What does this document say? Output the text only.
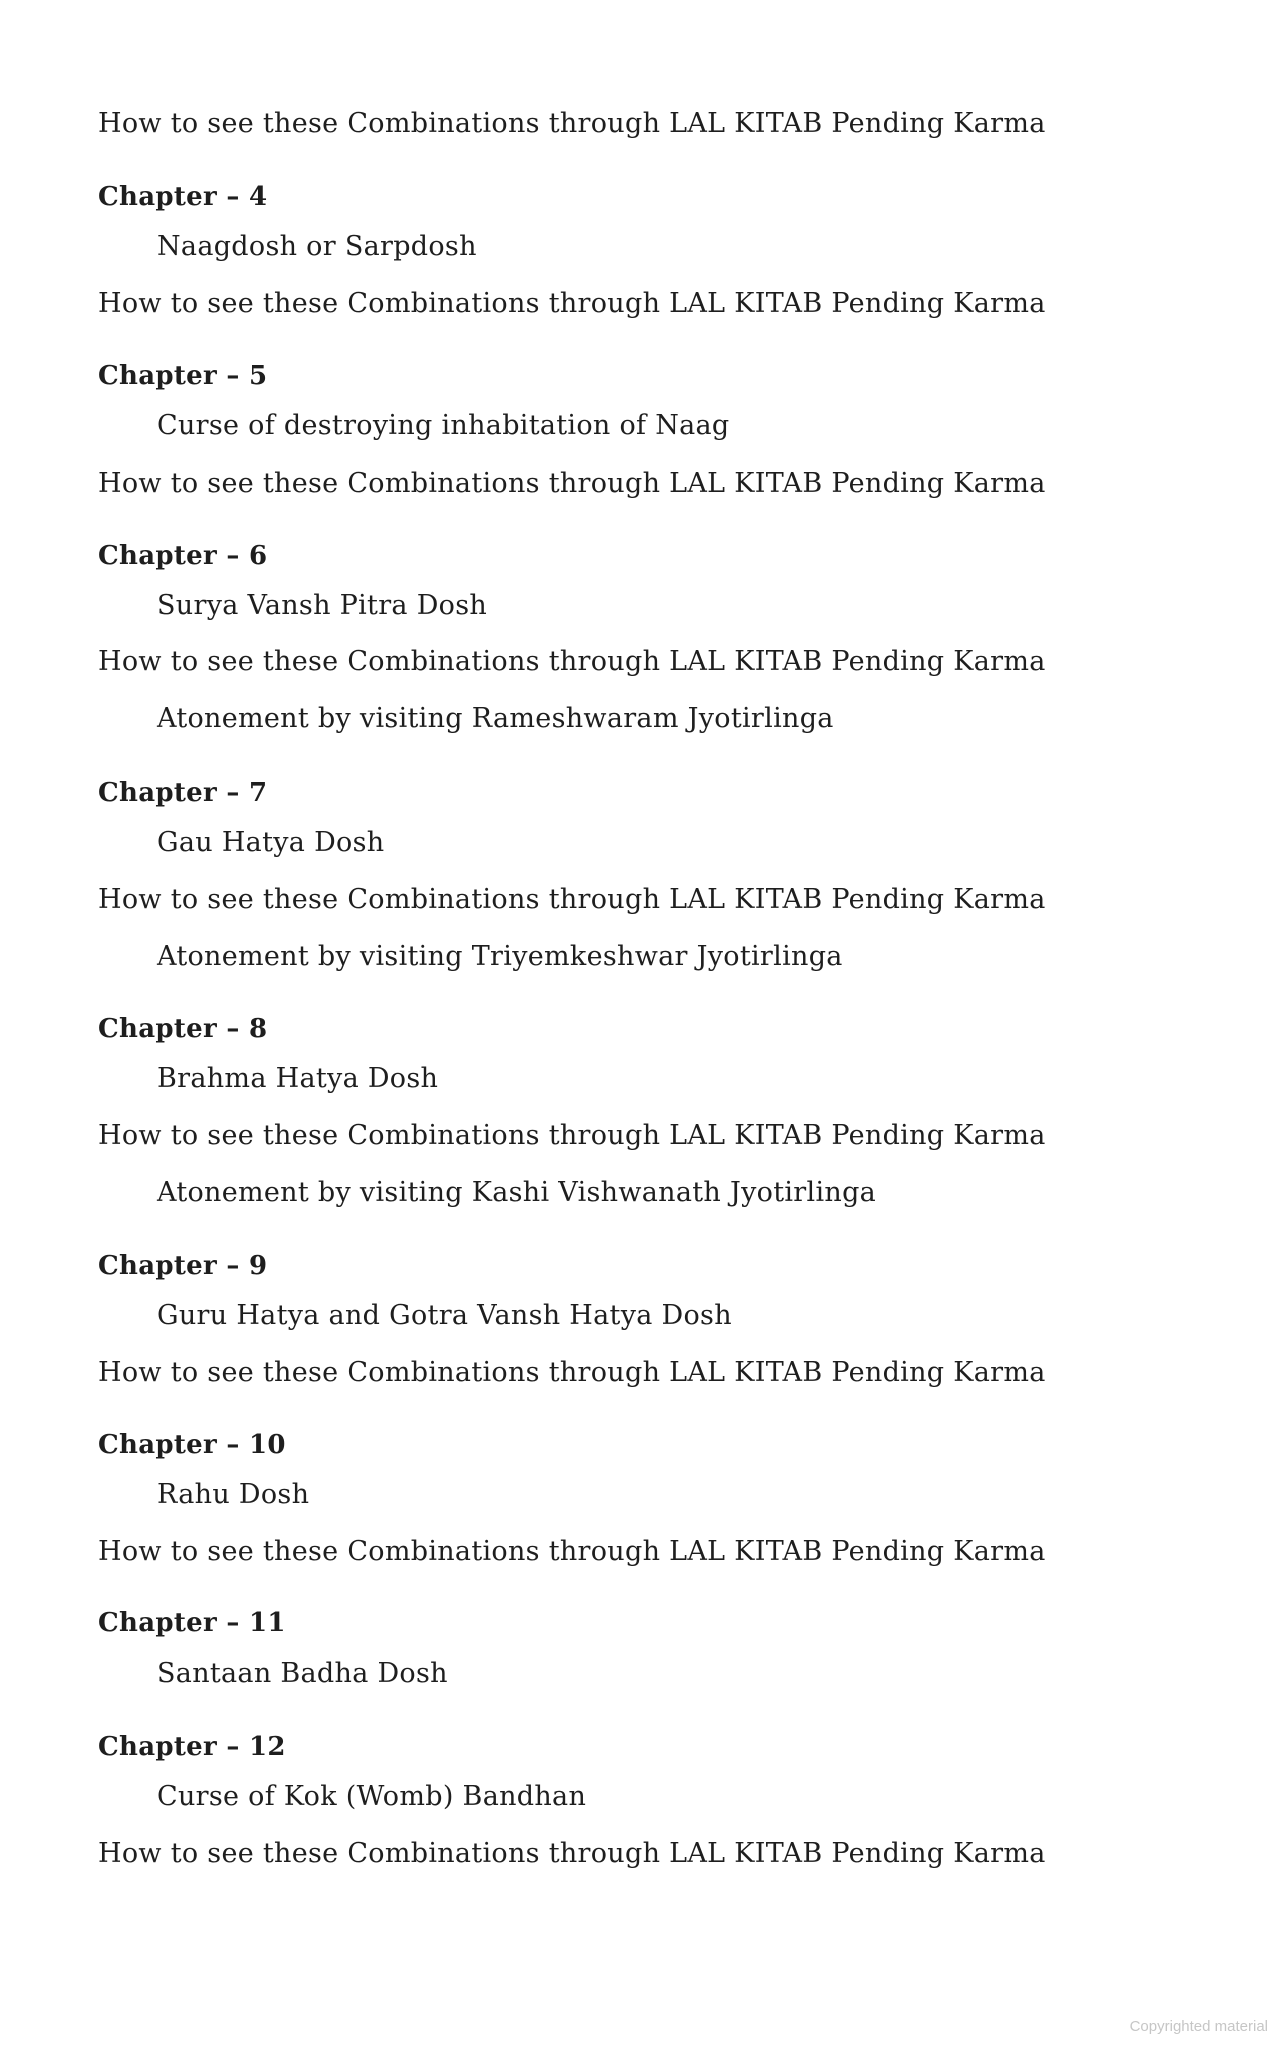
How to see these Combinations through LAL KITAB Pending Karma
Chapter – 4
Naagdosh or Sarpdosh
How to see these Combinations through LAL KITAB Pending Karma
Chapter – 5
Curse of destroying inhabitation of Naag
How to see these Combinations through LAL KITAB Pending Karma
Chapter – 6
Surya Vansh Pitra Dosh
How to see these Combinations through LAL KITAB Pending Karma
Atonement by visiting Rameshwaram Jyotirlinga
Chapter – 7
Gau Hatya Dosh
How to see these Combinations through LAL KITAB Pending Karma
Atonement by visiting Triyemkeshwar Jyotirlinga
Chapter – 8
Brahma Hatya Dosh
How to see these Combinations through LAL KITAB Pending Karma
Atonement by visiting Kashi Vishwanath Jyotirlinga
Chapter – 9
Guru Hatya and Gotra Vansh Hatya Dosh
How to see these Combinations through LAL KITAB Pending Karma
Chapter – 10
Rahu Dosh
How to see these Combinations through LAL KITAB Pending Karma
Chapter – 11
Santaan Badha Dosh
Chapter – 12
Curse of Kok (Womb) Bandhan
How to see these Combinations through LAL KITAB Pending Karma
Copyrighted material
